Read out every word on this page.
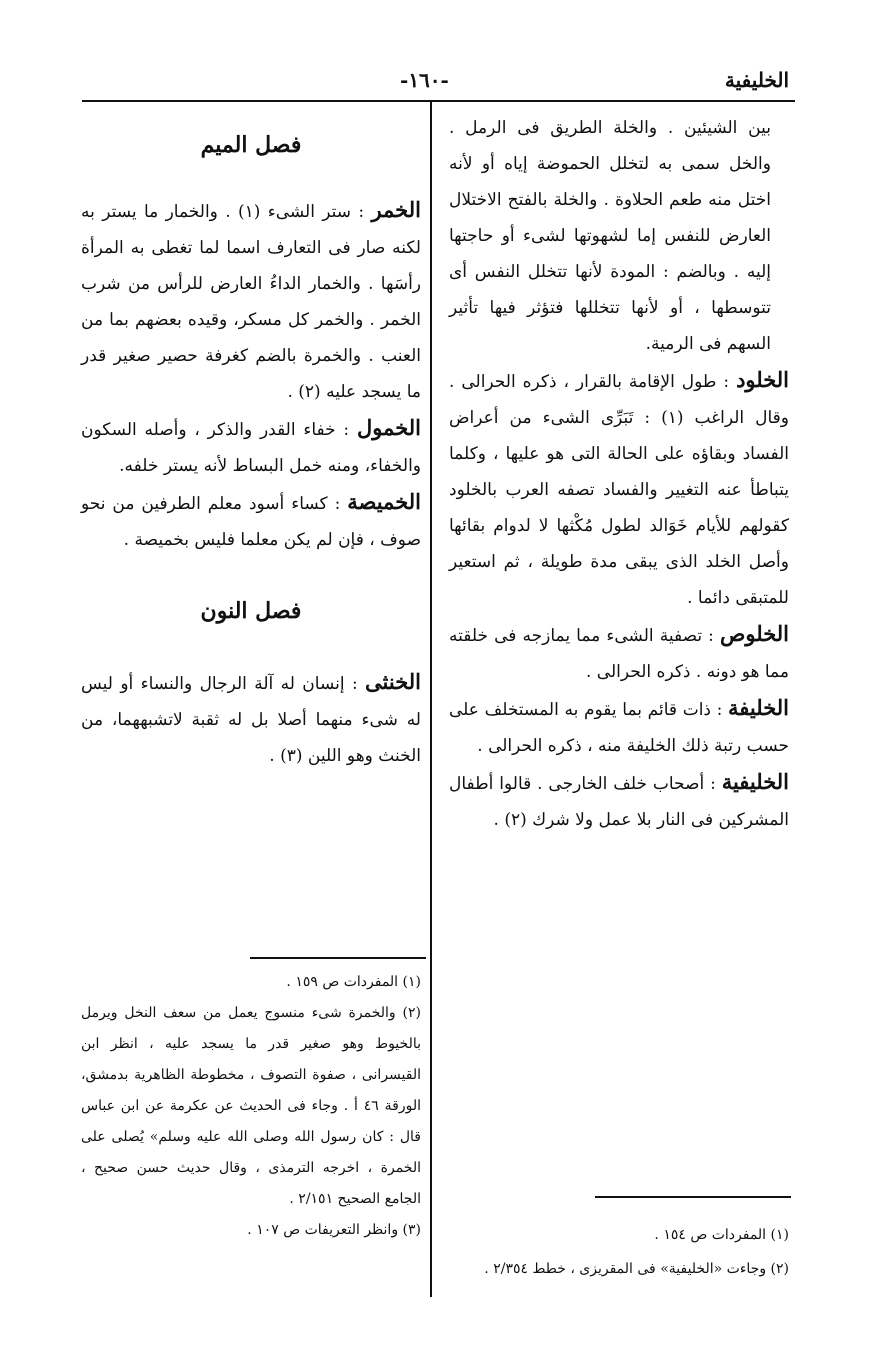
الخليفية
-١٦٠-

بين الشيئين . والخلة الطريق فى الرمل . والخل سمى به لتخلل الحموضة إياه أو لأنه اختل منه طعم الحلاوة . والخلة بالفتح الاختلال العارض للنفس إما لشهوتها لشىء أو حاجتها إليه . وبالضم : المودة لأنها تتخلل النفس أى تتوسطها ، أو لأنها تتخللها فتؤثر فيها تأثير السهم فى الرمية.

الخلود : طول الإقامة بالقرار ، ذكره الحرالى . وقال الراغب (١) : تَبَرِّى الشىء من أعراض الفساد وبقاؤه على الحالة التى هو عليها ، وكلما يتباطأ عنه التغيير والفساد تصفه العرب بالخلود كقولهم للأيام خَوَالد لطول مُكْثها لا لدوام بقائها وأصل الخلد الذى يبقى مدة طويلة ، ثم استعير للمتبقى دائما .
الخلوص : تصفية الشىء مما يمازجه فى خلقته مما هو دونه . ذكره الحرالى .
الخليفة : ذات قائم بما يقوم به المستخلف على حسب رتبة ذلك الخليفة منه ، ذكره الحرالى .
الخليفية : أصحاب خلف الخارجى . قالوا أطفال المشركين فى النار بلا عمل ولا شرك (٢) .
فصل الميم
الخمر : ستر الشىء (١) . والخمار ما يستر به لكنه صار فى التعارف اسما لما تغطى به المرأة رأسَها . والخمار الداءُ العارض للرأس من شرب الخمر . والخمر كل مسكر، وقيده بعضهم بما من العنب . والخمرة بالضم كغرفة حصير صغير قدر ما يسجد عليه (٢) .
الخمول : خفاء القدر والذكر ، وأصله السكون والخفاء، ومنه خمل البساط لأنه يستر خلفه.
الخميصة : كساء أسود معلم الطرفين من نحو صوف ، فإن لم يكن معلما فليس بخميصة .
فصل النون
الخنثى : إنسان له آلة الرجال والنساء أو ليس له شىء منهما أصلا بل له ثقبة لاتشبههما، من الخنث وهو اللين (٣) .

(١) المفردات ص ١٥٩ .

(٢) والخمرة شىء منسوج يعمل من سعف النخل ويرمل بالخيوط وهو صغير قدر ما يسجد عليه ، انظر ابن القيسرانى ، صفوة التصوف ، مخطوطة الظاهرية بدمشق، الورقة ٤٦ أ . وجاء فى الحديث عن عكرمة عن ابن عباس قال : كان رسول الله وصلى الله عليه وسلم» يُصلى على الخمرة ، اخرجه الترمذى ، وقال حديث حسن صحيح ، الجامع الصحيح ٢/١٥١ .

(٣) وانظر التعريفات ص ١٠٧ .	(١) المفردات ص ١٥٤ .

(٢) وجاءت «الخليفية» فى المقريزى ، خطط ٢/٣٥٤ .
